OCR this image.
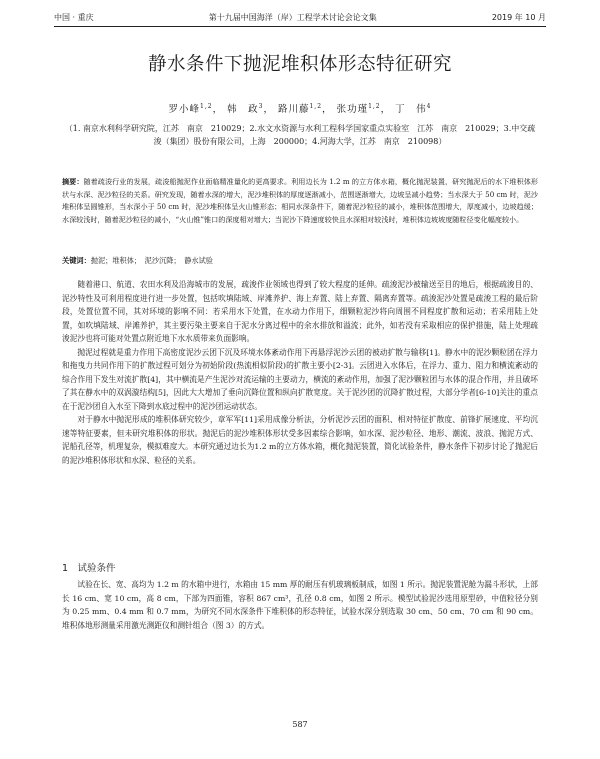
中国 · 重庆	第十九届中国海洋（岸）工程学术讨论会论文集	2019 年 10 月
静水条件下抛泥堆积体形态特征研究
罗小峰$^{1,2}$， 韩　政$^3$， 路川藤$^{1,2}$， 张功瑾$^{1,2}$， 丁　伟$^4$
（1. 南京水利科学研究院，江苏　南京　210029；2.水文水资源与水利工程科学国家重点实验室　江苏　南京　210029；3.中交疏浚（集团）股份有限公司，上海　200000；4.河海大学，江苏　南京　210098）
摘要：随着疏浚行业的发展，疏浚船抛泥作业面临精准量化的更高要求。利用边长为 1.2 m 的立方体水箱，概化抛泥装置，研究抛泥后的水下堆积体形状与水深、泥沙粒径的关系。研究发现，随着水深的增大，泥沙堆积体的厚度逐渐减小，范围逐渐增大，边坡呈减小趋势；当水深大于 50 cm 时，泥沙堆积体呈圆锥形，当水深小于 50 cm 时，泥沙堆积体呈火山锥形态；相同水深条件下，随着泥沙粒径的减小，堆积体范围增大，厚度减小，边坡趋缓；水深较浅时，随着泥沙粒径的减小，“火山锥”锥口的深度相对增大；当泥沙下降速度较快且水深相对较浅时，堆积体边坡坡度随粒径变化幅度较小。
关键词：抛泥；堆积体；　泥沙沉降；　静水试验

随着港口、航道、农田水利及沿海城市的发展，疏浚作业领域也得到了较大程度的延伸。疏浚泥沙被输送至目的地后，根据疏浚目的、泥沙特性及可利用程度进行进一步处置，包括吹填陆域、岸滩养护、海上弃置、陆上弃置、隔离弃置等。疏浚泥沙处置是疏浚工程的最后阶段，处置位置不同，其对环境的影响不同：若采用水下处置，在水动力作用下，细颗粒泥沙将向周围不同程度扩散和运动；若采用陆上处置，如吹填陆域、岸滩养护，其主要污染主要来自于泥水分离过程中的余水排放和溢流；此外，如若没有采取相应的保护措施，陆上处理疏浚泥沙也将可能对处置点附近地下水水质带来负面影响。

抛泥过程就是重力作用下高密度泥沙云团下沉及环境水体紊动作用下再悬浮泥沙云团的被动扩散与输移[1]。静水中的泥沙颗粒团在浮力和拖曳力共同作用下的扩散过程可划分为初始阶段(热流相似阶段)的扩散主要小[2-3]。云团进入水体后，在浮力、重力、阻力和横流紊动的综合作用下发生对流扩散[4]，其中横流是产生泥沙对流运输的主要动力，横流的紊动作用，加强了泥沙颗粒团与水体的混合作用，并且破坏了其在静水中的双涡漩结构[5]，因此大大增加了垂向沉降位置和纵向扩散宽度。关于泥沙团的沉降扩散过程，大部分学者[6-10]关注的重点在于泥沙团自入水至下降到水底过程中的泥沙团运动状态。

对于静水中抛泥形成的堆积体研究较少，章军军[11]采用成像分析法，分析泥沙云团的面积、相对特征扩散度、前锋扩展速度、平均沉速等特征要素，但未研究堆积体的形状。抛泥后的泥沙堆积体形状受多因素综合影响，如水深、泥沙粒径、地形、潮流、波浪、抛泥方式、泥船孔径等，机理复杂，模拟难度大。本研究通过边长为1.2 m的立方体水箱，概化抛泥装置，简化试验条件，静水条件下初步讨论了抛泥后的泥沙堆积体形状和水深、粒径的关系。

1　试验条件

试验在长、宽、高均为 1.2 m 的水箱中进行，水箱由 15 mm 厚的耐压有机玻璃板制成，如图 1 所示。抛泥装置泥舱为漏斗形状，上部长 16 cm、宽 10 cm，高 8 cm，下部为四面锥，容积 867 cm³，孔径 0.8 cm，如图 2 所示。模型试验泥沙选用原型砂，中值粒径分别为 0.25 mm、0.4 mm 和 0.7 mm，为研究不同水深条件下堆积体的形态特征，试验水深分别选取 30 cm、50 cm、70 cm 和 90 cm。堆积体地形测量采用激光测距仪和测针组合（图 3）的方式。

587
